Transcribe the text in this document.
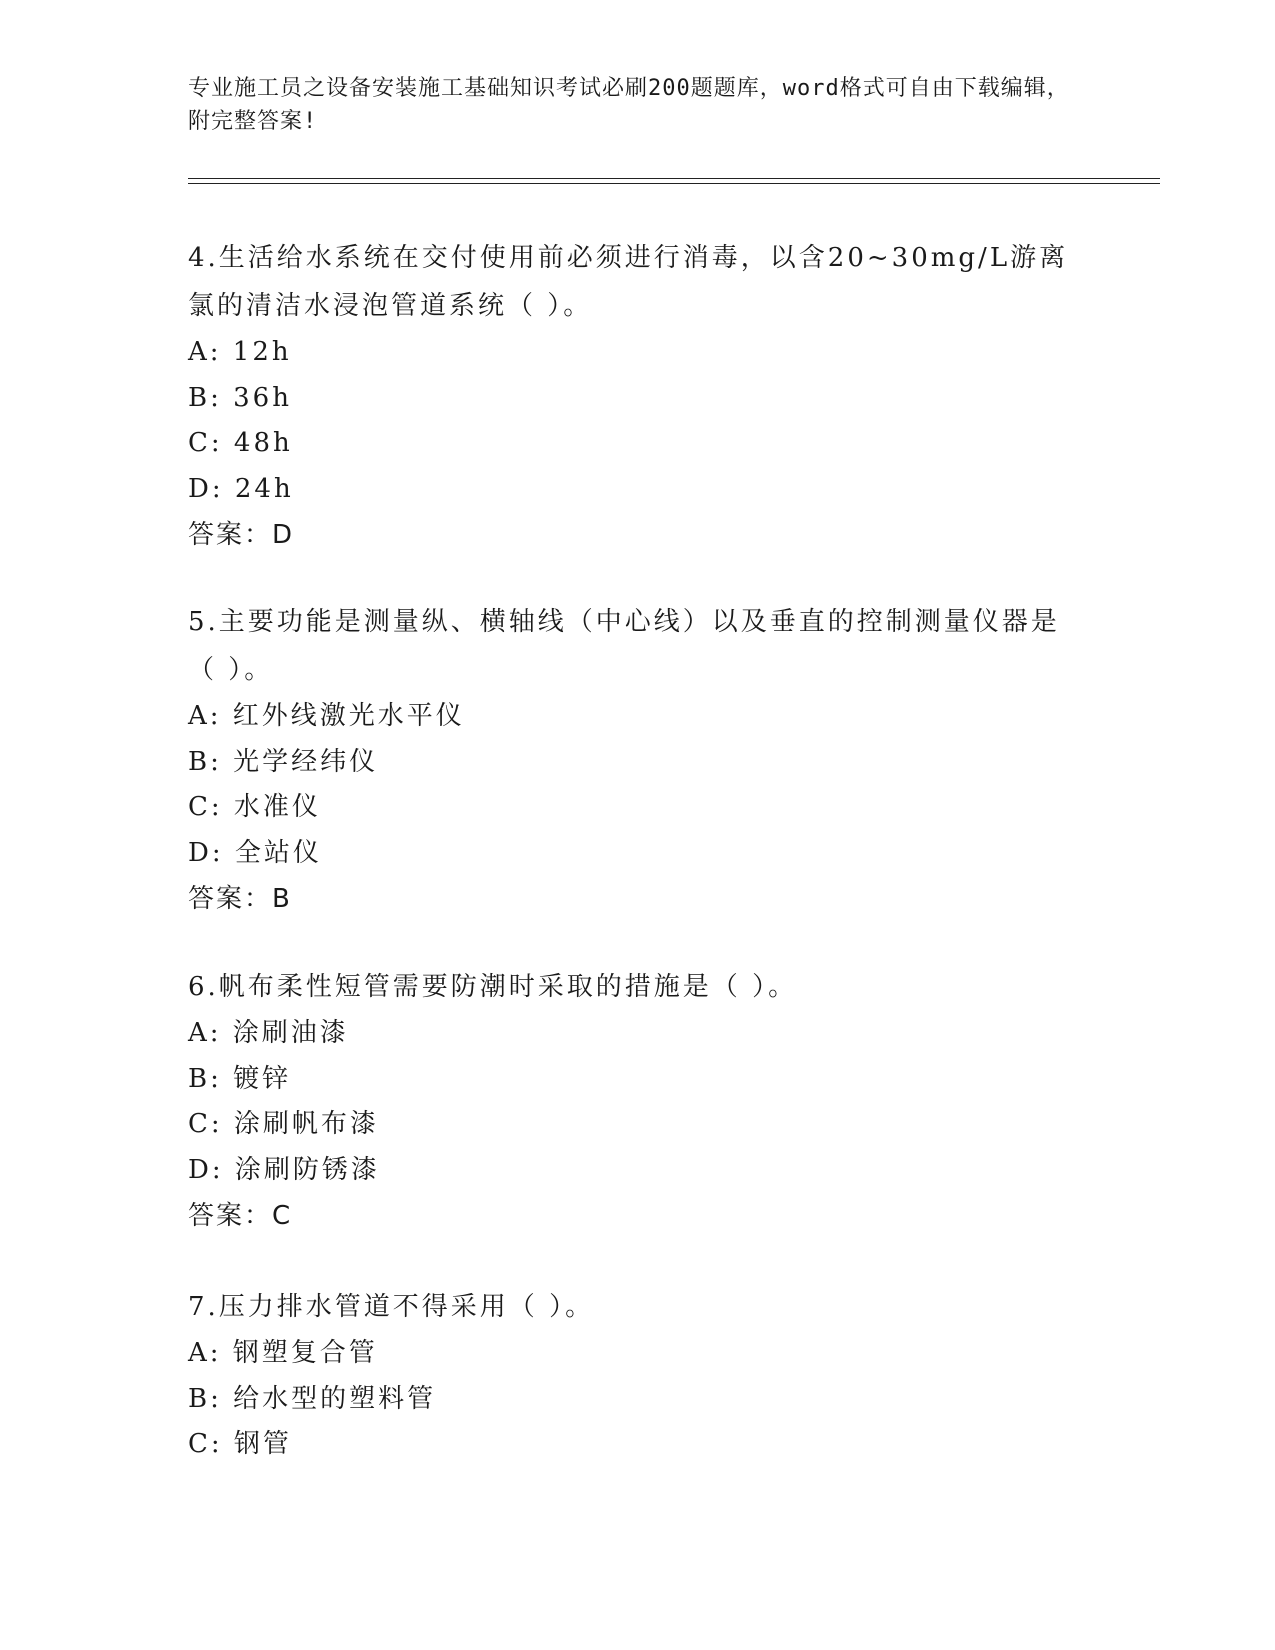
专业施工员之设备安装施工基础知识考试必刷200题题库，word格式可自由下载编辑，附完整答案!
4.生活给水系统在交付使用前必须进行消毒，以含20~30mg/L游离氯的清洁水浸泡管道系统（ ）。
A: 12h
B: 36h
C: 48h
D: 24h
答案：D
5.主要功能是测量纵、横轴线（中心线）以及垂直的控制测量仪器是（ ）。
A: 红外线激光水平仪
B: 光学经纬仪
C: 水准仪
D: 全站仪
答案：B
6.帆布柔性短管需要防潮时采取的措施是（ ）。
A: 涂刷油漆
B: 镀锌
C: 涂刷帆布漆
D: 涂刷防锈漆
答案：C
7.压力排水管道不得采用（ ）。
A: 钢塑复合管
B: 给水型的塑料管
C: 钢管
